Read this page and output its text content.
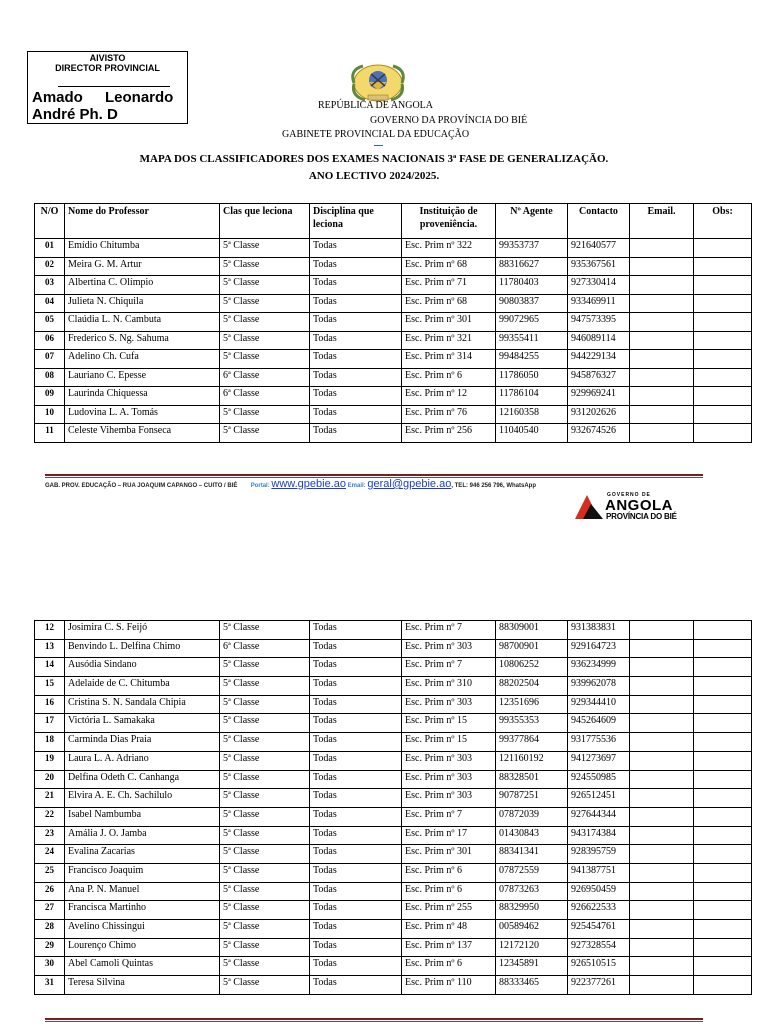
AIVISTO
DIRECTOR PROVINCIAL
Amado Leonardo
André Ph. D
REPÚBLICA DE ANGOLA
GOVERNO DA PROVÍNCIA DO BIÉ
GABINETE PROVINCIAL DA EDUCAÇÃO
MAPA DOS CLASSIFICADORES DOS EXAMES NACIONAIS 3ª FASE DE GENERALIZAÇÃO.
ANO LECTIVO 2024/2025.
N/O	Nome do Professor	Clas que leciona	Disciplina que leciona	Instituição de proveniência.	Nº Agente	Contacto	Email.	Obs:
01	Emídio Chitumba	5ª Classe	Todas	Esc. Prim nº 322	99353737	921640577		
02	Meira G. M. Artur	5ª Classe	Todas	Esc. Prim nº 68	88316627	935367561		
03	Albertina C. Olímpio	5ª Classe	Todas	Esc. Prim nº 71	11780403	927330414		
04	Julieta N. Chiquila	5ª Classe	Todas	Esc. Prim nº 68	90803837	933469911		
05	Claúdia L. N. Cambuta	5ª Classe	Todas	Esc. Prim nº 301	99072965	947573395		
06	Frederico S. Ng. Sahuma	5ª Classe	Todas	Esc. Prim nº 321	99355411	946089114		
07	Adelino Ch. Cufa	5ª Classe	Todas	Esc. Prim nº 314	99484255	944229134		
08	Lauriano C. Epesse	6ª Classe	Todas	Esc. Prim nº 6	11786050	945876327		
09	Laurinda Chiquessa	6ª Classe	Todas	Esc. Prim nº 12	11786104	929969241		
10	Ludovina L. A. Tomás	5ª Classe	Todas	Esc. Prim nº 76	12160358	931202626		
11	Celeste Vihemba Fonseca	5ª Classe	Todas	Esc. Prim nº 256	11040540	932674526		
GAB. PROV. EDUCAÇÃO – RUA JOAQUIM CAPANGO – CUITO / BIÉ Portal: www.gpebie.ao Email: geral@gpebie.ao, TEL: 946 256 796, WhatsApp
GOVERNO DE
ANGOLA
PROVÍNCIA DO BIÉ
12	Josimira C. S. Feijó	5ª Classe	Todas	Esc. Prim nº 7	88309001	931383831		
13	Benvindo L. Delfina Chimo	6ª Classe	Todas	Esc. Prim nº 303	98700901	929164723		
14	Ausódia Sindano	5ª Classe	Todas	Esc. Prim nº 7	10806252	936234999		
15	Adelaide de C. Chitumba	5ª Classe	Todas	Esc. Prim nº 310	88202504	939962078		
16	Cristina S. N. Sandala Chipia	5ª Classe	Todas	Esc. Prim nº 303	12351696	929344410		
17	Victória L. Samakaka	5ª Classe	Todas	Esc. Prim nº 15	99355353	945264609		
18	Carminda Dias Praia	5ª Classe	Todas	Esc. Prim nº 15	99377864	931775536		
19	Laura L. A. Adriano	5ª Classe	Todas	Esc. Prim nº 303	121160192	941273697		
20	Delfina Odeth C. Canhanga	5ª Classe	Todas	Esc. Prim nº 303	88328501	924550985		
21	Elvira A. E. Ch. Sachilulo	5ª Classe	Todas	Esc. Prim nº 303	90787251	926512451		
22	Isabel Nambumba	5ª Classe	Todas	Esc. Prim nº 7	07872039	927644344		
23	Amália J. O. Jamba	5ª Classe	Todas	Esc. Prim nº 17	01430843	943174384		
24	Evalina Zacarias	5ª Classe	Todas	Esc. Prim nº 301	88341341	928395759		
25	Francisco Joaquim	5ª Classe	Todas	Esc. Prim nº 6	07872559	941387751		
26	Ana P. N. Manuel	5ª Classe	Todas	Esc. Prim nº 6	07873263	926950459		
27	Francisca Martinho	5ª Classe	Todas	Esc. Prim nº 255	88329950	926622533		
28	Avelino Chissingui	5ª Classe	Todas	Esc. Prim nº 48	00589462	925454761		
29	Lourenço Chimo	5ª Classe	Todas	Esc. Prim nº 137	12172120	927328554		
30	Abel Camoli Quintas	5ª Classe	Todas	Esc. Prim nº 6	12345891	926510515		
31	Teresa Silvina	5ª Classe	Todas	Esc. Prim nº 110	88333465	922377261		
